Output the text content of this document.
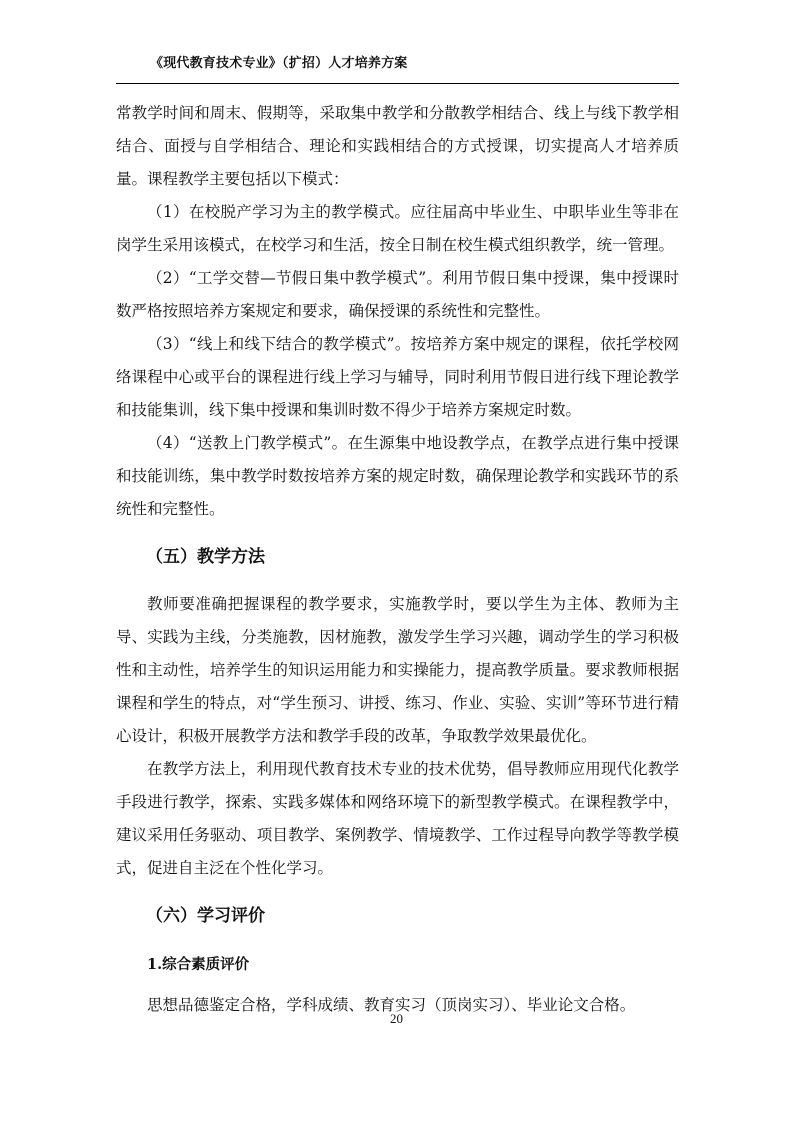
《现代教育技术专业》（扩招）人才培养方案

常教学时间和周末、假期等，采取集中教学和分散教学相结合、线上与线下教学相结合、面授与自学相结合、理论和实践相结合的方式授课，切实提高人才培养质量。课程教学主要包括以下模式：

（1）在校脱产学习为主的教学模式。应往届高中毕业生、中职毕业生等非在岗学生采用该模式，在校学习和生活，按全日制在校生模式组织教学，统一管理。

（2）“工学交替—节假日集中教学模式”。利用节假日集中授课，集中授课时数严格按照培养方案规定和要求，确保授课的系统性和完整性。

（3）“线上和线下结合的教学模式”。按培养方案中规定的课程，依托学校网络课程中心或平台的课程进行线上学习与辅导，同时利用节假日进行线下理论教学和技能集训，线下集中授课和集训时数不得少于培养方案规定时数。

（4）“送教上门教学模式”。在生源集中地设教学点，在教学点进行集中授课和技能训练，集中教学时数按培养方案的规定时数，确保理论教学和实践环节的系统性和完整性。

（五）教学方法

教师要准确把握课程的教学要求，实施教学时，要以学生为主体、教师为主导、实践为主线，分类施教，因材施教，激发学生学习兴趣，调动学生的学习积极性和主动性，培养学生的知识运用能力和实操能力，提高教学质量。要求教师根据课程和学生的特点，对“学生预习、讲授、练习、作业、实验、实训”等环节进行精心设计，积极开展教学方法和教学手段的改革，争取教学效果最优化。

在教学方法上，利用现代教育技术专业的技术优势，倡导教师应用现代化教学手段进行教学，探索、实践多媒体和网络环境下的新型教学模式。在课程教学中，建议采用任务驱动、项目教学、案例教学、情境教学、工作过程导向教学等教学模式，促进自主泛在个性化学习。

（六）学习评价
1.综合素质评价

思想品德鉴定合格，学科成绩、教育实习（顶岗实习）、毕业论文合格。

20
